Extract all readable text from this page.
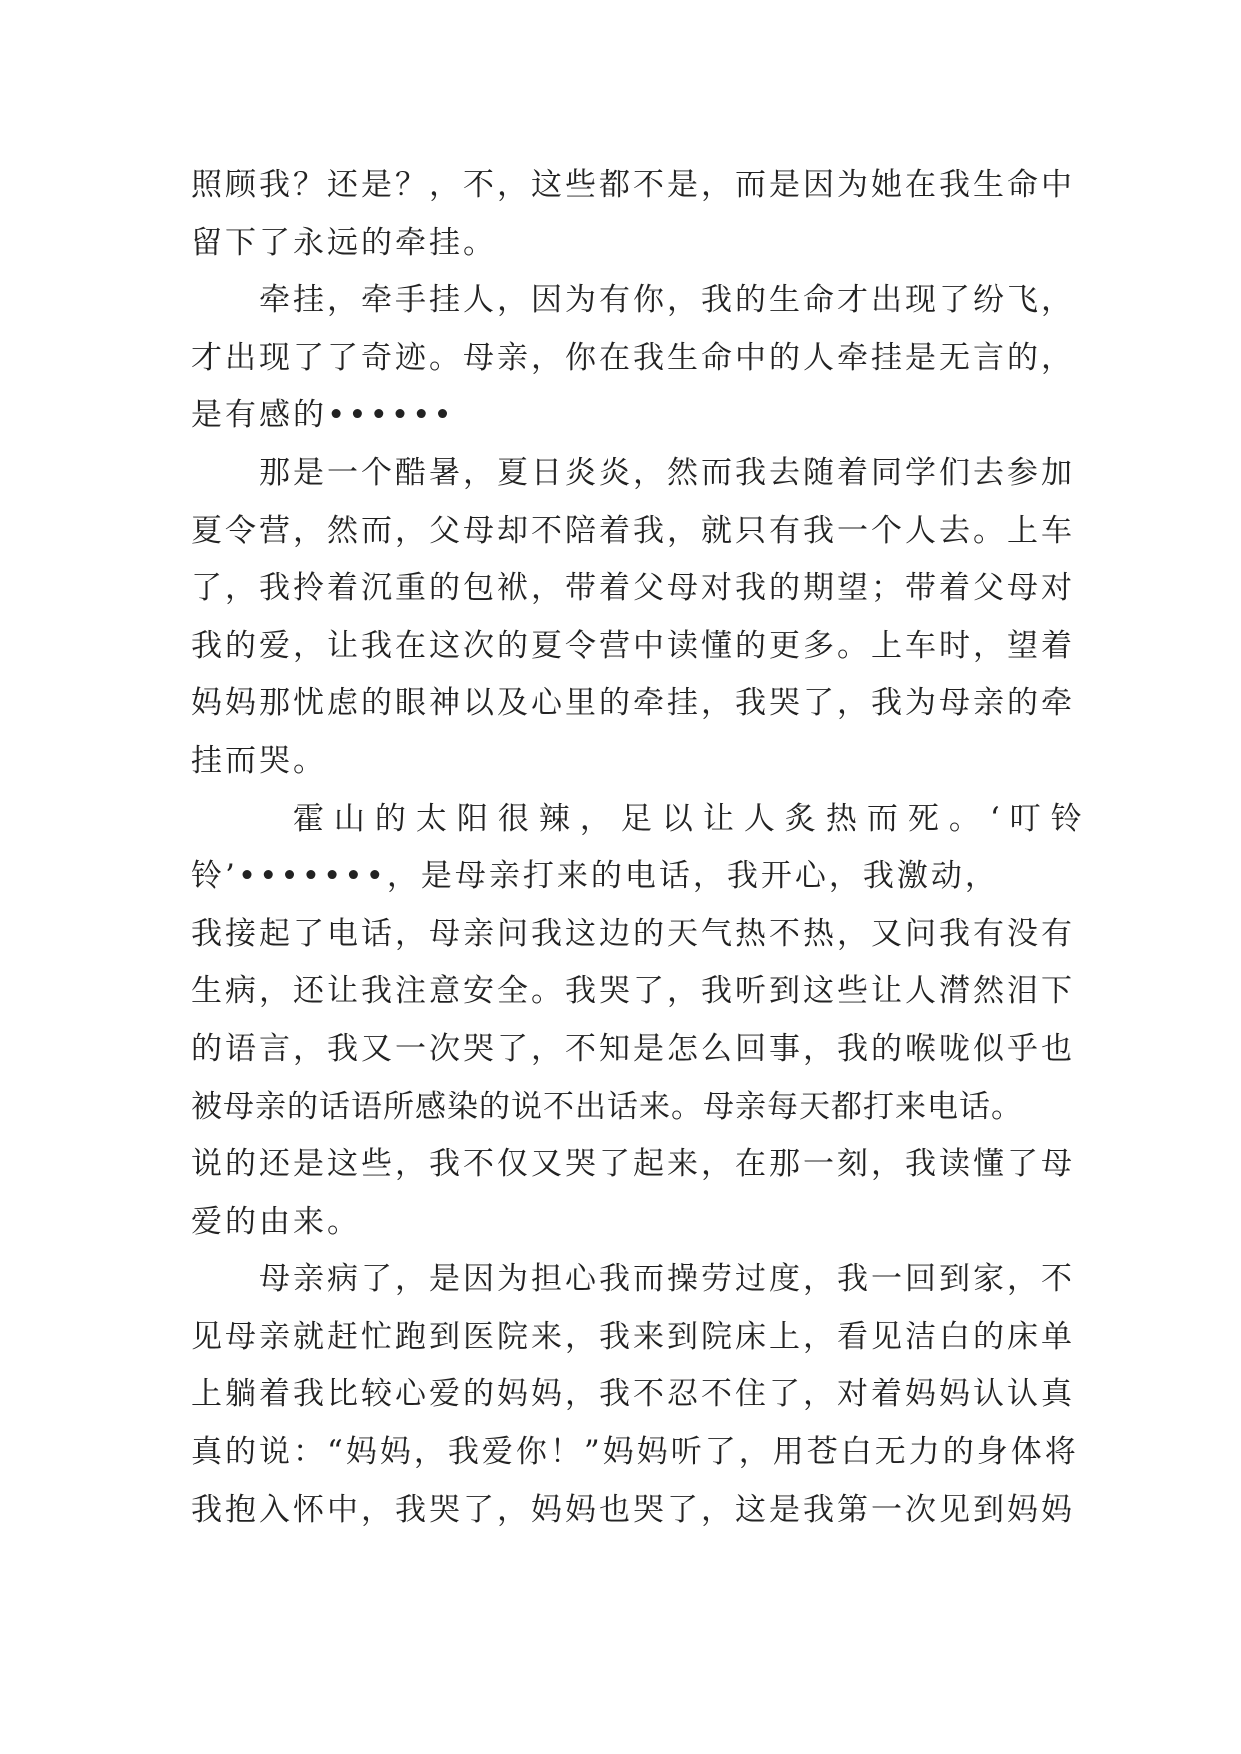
照顾我？还是？，不，这些都不是，而是因为她在我生命中
留下了永远的牵挂。
　　牵挂，牵手挂人，因为有你，我的生命才出现了纷飞，
才出现了了奇迹。母亲，你在我生命中的人牵挂是无言的，
是有感的••••••
　　那是一个酷暑，夏日炎炎，然而我去随着同学们去参加
夏令营，然而，父母却不陪着我，就只有我一个人去。上车
了，我拎着沉重的包袱，带着父母对我的期望；带着父母对
我的爱，让我在这次的夏令营中读懂的更多。上车时，望着
妈妈那忧虑的眼神以及心里的牵挂，我哭了，我为母亲的牵
挂而哭。
　　 霍山的太阳很辣，足以让人炙热而死。‘叮铃
铃’•••••••，是母亲打来的电话，我开心，我激动，
我接起了电话，母亲问我这边的天气热不热，又问我有没有
生病，还让我注意安全。我哭了，我听到这些让人潸然泪下
的语言，我又一次哭了，不知是怎么回事，我的喉咙似乎也
被母亲的话语所感染的说不出话来。母亲每天都打来电话。
说的还是这些，我不仅又哭了起来，在那一刻，我读懂了母
爱的由来。
　　母亲病了，是因为担心我而操劳过度，我一回到家，不
见母亲就赶忙跑到医院来，我来到院床上，看见洁白的床单
上躺着我比较心爱的妈妈，我不忍不住了，对着妈妈认认真
真的说：“妈妈，我爱你！”妈妈听了，用苍白无力的身体将
我抱入怀中，我哭了，妈妈也哭了，这是我第一次见到妈妈
